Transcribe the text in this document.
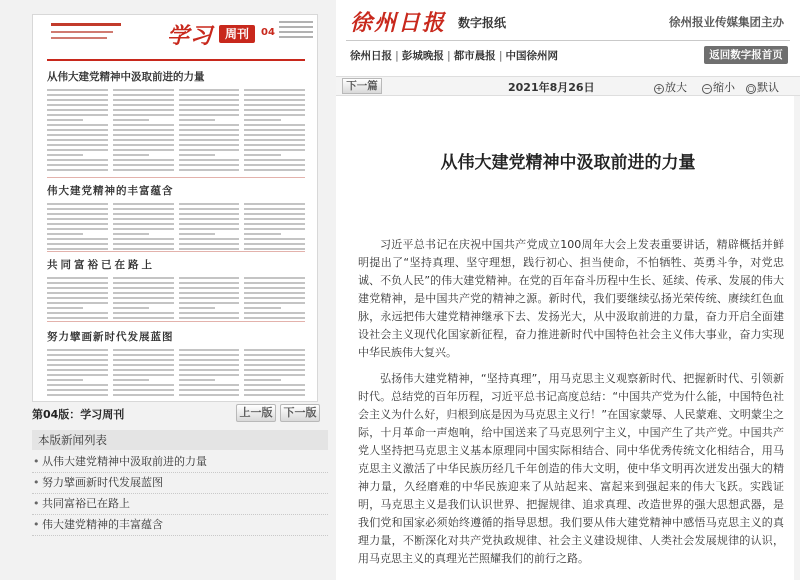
学习 周刊	04
从伟大建党精神中汲取前进的力量
伟大建党精神的丰富蕴含
共同富裕已在路上
努力擘画新时代发展蓝图
第04版：学习周刊	上一版	下一版
本版新闻列表
• 从伟大建党精神中汲取前进的力量
• 努力擘画新时代发展蓝图
• 共同富裕已在路上
• 伟大建党精神的丰富蕴含
徐州日报 数字报纸	徐州报业传媒集团主办
徐州日报 | 彭城晚报 | 都市晨报 | 中国徐州网	返回数字报首页
下一篇	2021年8月26日	+ 放大 − 缩小 ○ 默认
从伟大建党精神中汲取前进的力量

习近平总书记在庆祝中国共产党成立100周年大会上发表重要讲话，精辟概括并鲜明提出了“坚持真理、坚守理想，践行初心、担当使命，不怕牺牲、英勇斗争，对党忠诚、不负人民”的伟大建党精神。在党的百年奋斗历程中生长、延续、传承、发展的伟大建党精神，是中国共产党的精神之源。新时代，我们要继续弘扬光荣传统、赓续红色血脉，永远把伟大建党精神继承下去、发扬光大，从中汲取前进的力量，奋力开启全面建设社会主义现代化国家新征程，奋力推进新时代中国特色社会主义伟大事业，奋力实现中华民族伟大复兴。

弘扬伟大建党精神，“坚持真理”，用马克思主义观察新时代、把握新时代、引领新时代。总结党的百年历程，习近平总书记高度总结：“中国共产党为什么能，中国特色社会主义为什么好，归根到底是因为马克思主义行！”在国家蒙辱、人民蒙难、文明蒙尘之际，十月革命一声炮响，给中国送来了马克思列宁主义，中国产生了共产党。中国共产党人坚持把马克思主义基本原理同中国实际相结合、同中华优秀传统文化相结合，用马克思主义激活了中华民族历经几千年创造的伟大文明，使中华文明再次迸发出强大的精神力量，久经磨难的中华民族迎来了从站起来、富起来到强起来的伟大飞跃。实践证明，马克思主义是我们认识世界、把握规律、追求真理、改造世界的强大思想武器，是我们党和国家必须始终遵循的指导思想。我们要从伟大建党精神中感悟马克思主义的真理力量，不断深化对共产党执政规律、社会主义建设规律、人类社会发展规律的认识，用马克思主义的真理光芒照耀我们的前行之路。
